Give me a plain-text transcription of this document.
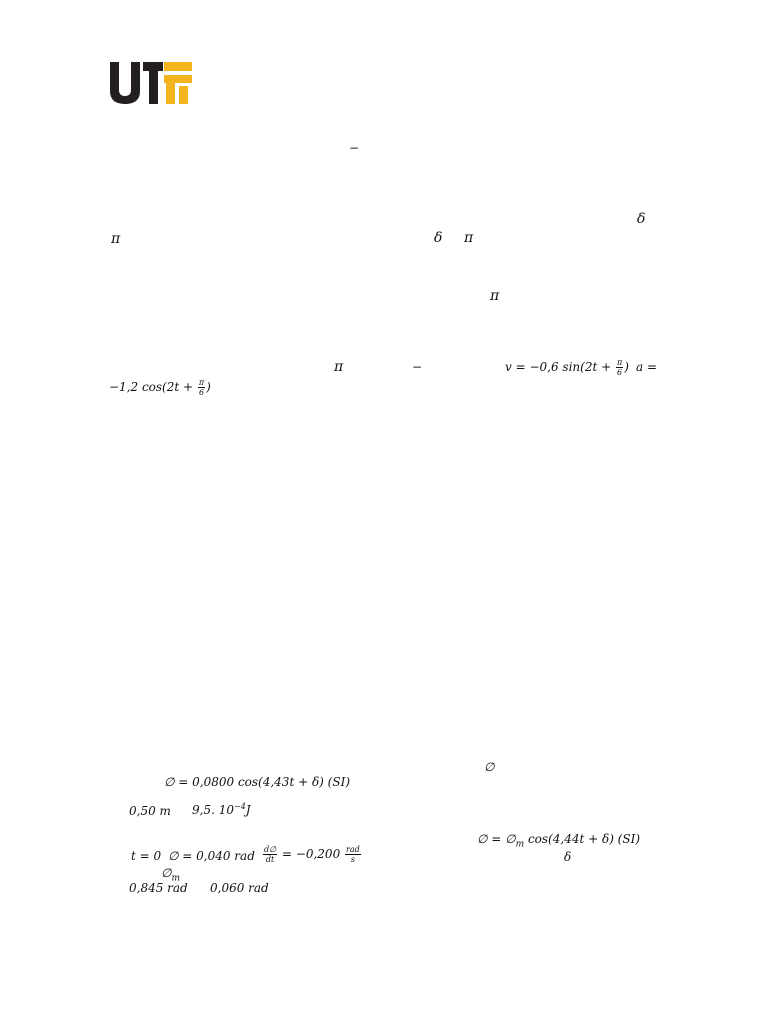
−
δ
π	δ π
π
π	−	v = −0,6 $\sin(2t + \frac{\pi}{6}$ ) a =
−1,2 $\cos(2t + \frac{\pi}{6}$ )
∅
∅ = 0,0800 cos(4,43t + δ) (SI)
0,50 m 9,5. $10^{-4}J$
∅ = $\emptyset_m$ cos(4,44t + δ) (SI)
t = 0 ∅ = 0,040 rad $\frac{d\emptyset}{dt} = -0,200 \frac{\text{rad}}{s}$	δ
$\emptyset_m$
0,845 rad 0,060 rad
